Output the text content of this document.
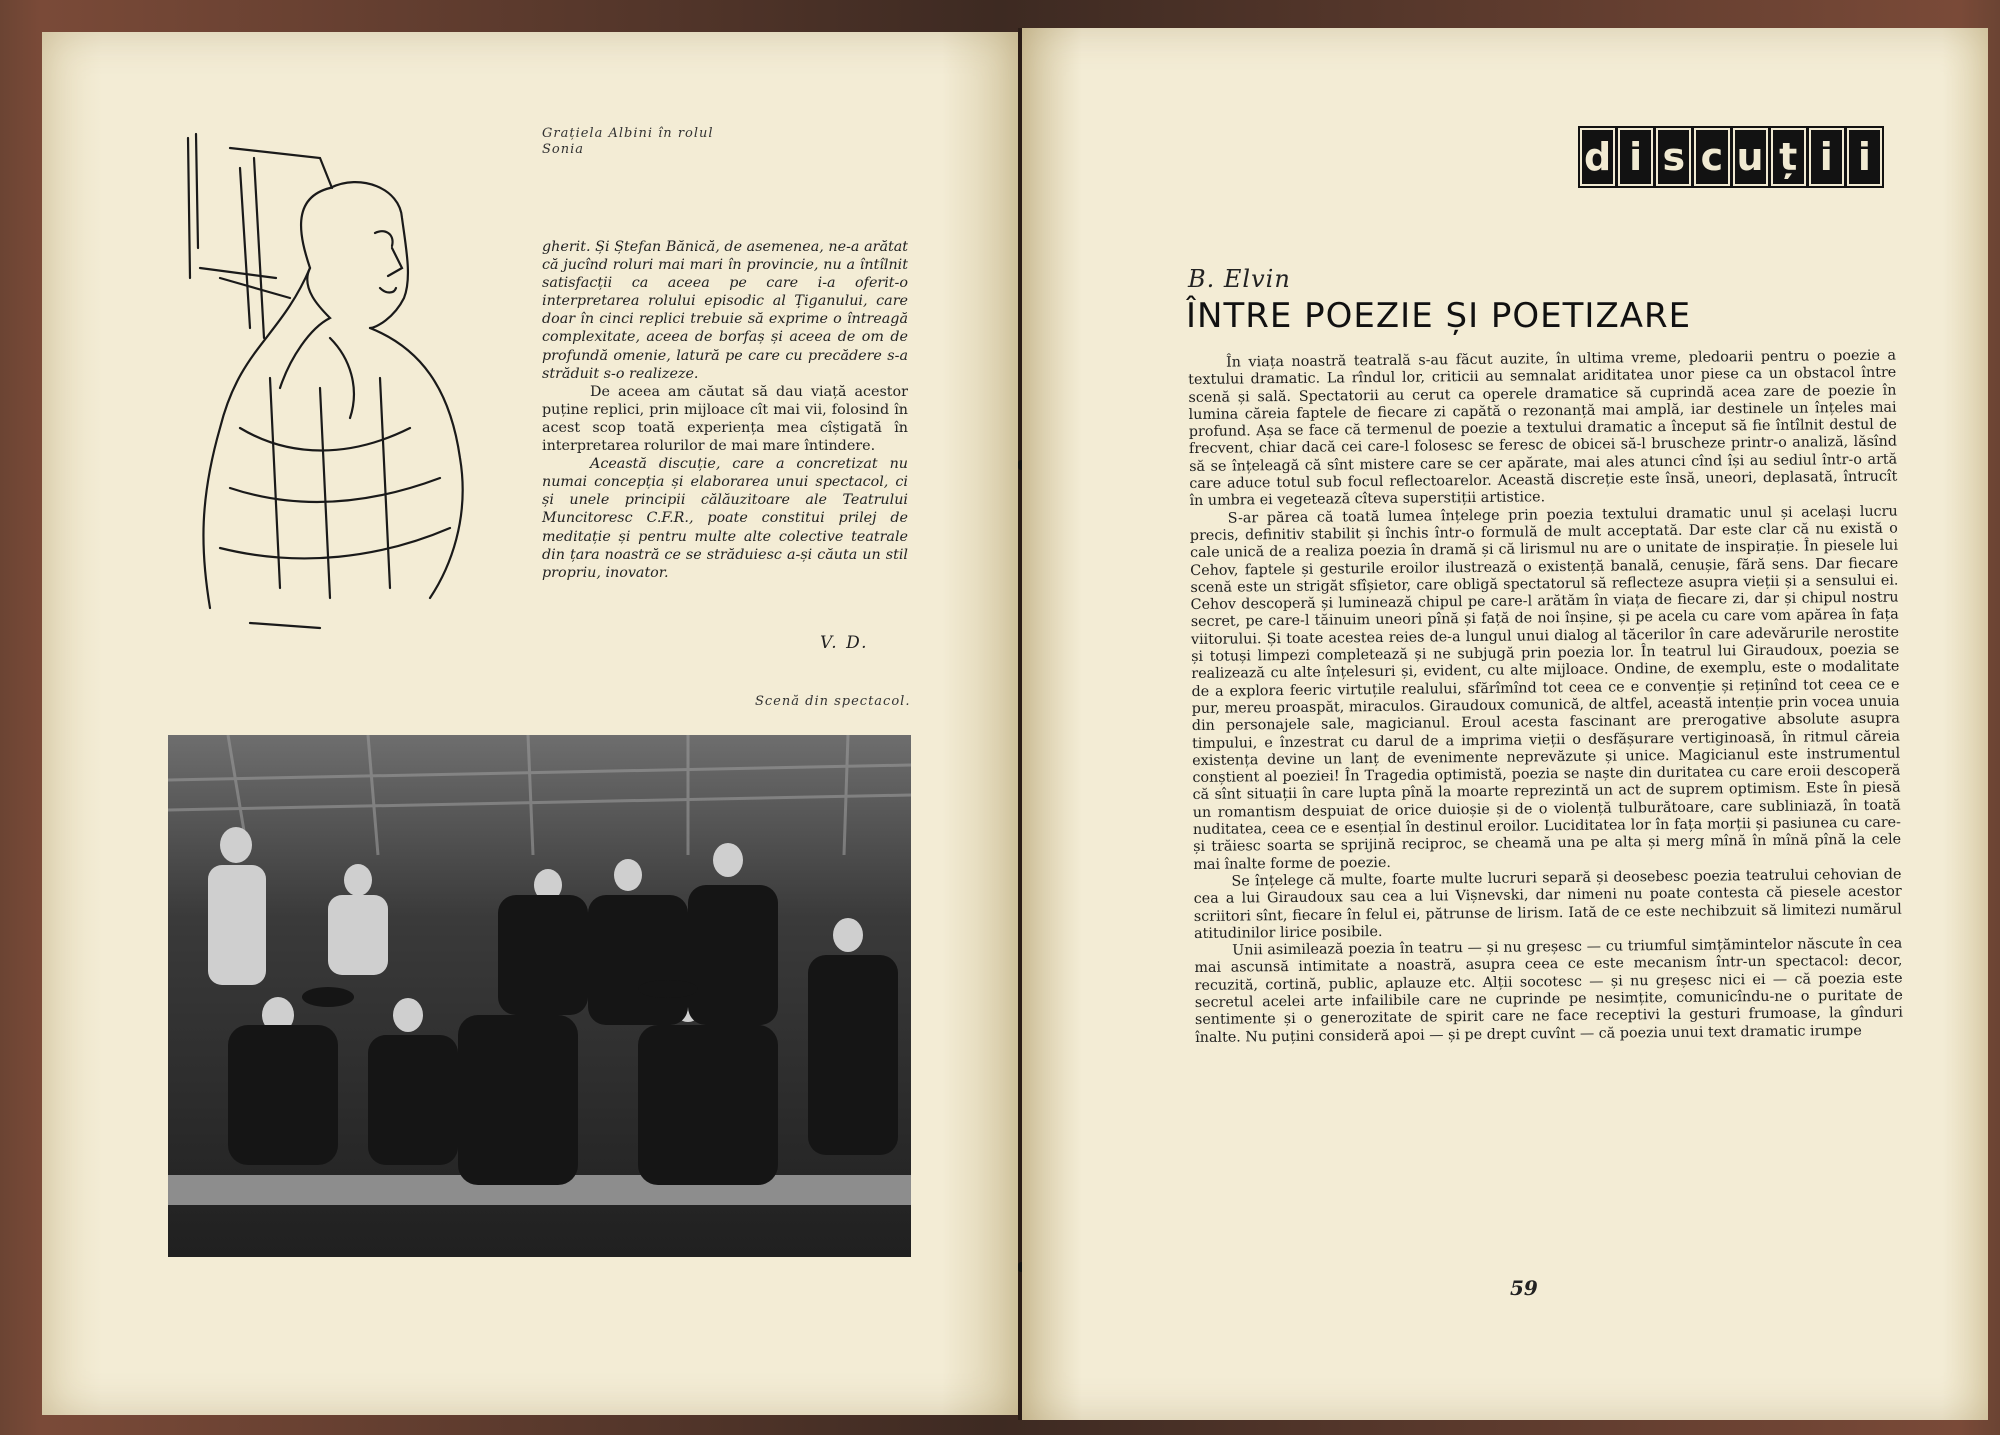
Grațiela Albini în rolul
Sonia

gherit. Și Ștefan Bănică, de asemenea, ne-a arătat că jucînd roluri mai mari în provincie, nu a întîlnit satisfacții ca aceea pe care i-a oferit-o interpretarea rolului episodic al Țiganului, care doar în cinci replici trebuie să exprime o întreagă complexitate, aceea de borfaș și aceea de om de profundă omenie, latură pe care cu precădere s-a străduit s-o realizeze.

De aceea am căutat să dau viață acestor puține replici, prin mijloace cît mai vii, folosind în acest scop toată experiența mea cîștigată în interpretarea rolurilor de mai mare întindere.

Această discuție, care a concretizat nu numai concepția și elaborarea unui spectacol, ci și unele principii călăuzitoare ale Teatrului Muncitoresc C.F.R., poate constitui prilej de meditație și pentru multe alte colective teatrale din țara noastră ce se străduiesc a-și căuta un stil propriu, inovator.

V. D.
Scenă din spectacol.
d i s c u ț i i
B. Elvin
ÎNTRE POEZIE ȘI POETIZARE

În viața noastră teatrală s-au făcut auzite, în ultima vreme, pledoarii pentru o poezie a textului dramatic. La rîndul lor, criticii au semnalat ariditatea unor piese ca un obstacol între scenă și sală. Spectatorii au cerut ca operele dramatice să cuprindă acea zare de poezie în lumina căreia faptele de fiecare zi capătă o rezonanță mai amplă, iar destinele un înțeles mai profund. Așa se face că termenul de poezie a textului dramatic a început să fie întîlnit destul de frecvent, chiar dacă cei care-l folosesc se feresc de obicei să-l bruscheze printr-o analiză, lăsînd să se înțeleagă că sînt mistere care se cer apărate, mai ales atunci cînd își au sediul într-o artă care aduce totul sub focul reflectoarelor. Această discreție este însă, uneori, deplasată, întrucît în umbra ei vegetează cîteva superstiții artistice.

S-ar părea că toată lumea înțelege prin poezia textului dramatic unul și același lucru precis, definitiv stabilit și închis într-o formulă de mult acceptată. Dar este clar că nu există o cale unică de a realiza poezia în dramă și că lirismul nu are o unitate de inspirație. În piesele lui Cehov, faptele și gesturile eroilor ilustrează o existență banală, cenușie, fără sens. Dar fiecare scenă este un strigăt sfîșietor, care obligă spectatorul să reflecteze asupra vieții și a sensului ei. Cehov descoperă și luminează chipul pe care-l arătăm în viața de fiecare zi, dar și chipul nostru secret, pe care-l tăinuim uneori pînă și față de noi înșine, și pe acela cu care vom apărea în fața viitorului. Și toate acestea reies de-a lungul unui dialog al tăcerilor în care adevărurile nerostite și totuși limpezi completează și ne subjugă prin poezia lor. În teatrul lui Giraudoux, poezia se realizează cu alte înțelesuri și, evident, cu alte mijloace. Ondine, de exemplu, este o modalitate de a explora feeric virtuțile realului, sfărîmînd tot ceea ce e convenție și reținînd tot ceea ce e pur, mereu proaspăt, miraculos. Giraudoux comunică, de altfel, această intenție prin vocea unuia din personajele sale, magicianul. Eroul acesta fascinant are prerogative absolute asupra timpului, e înzestrat cu darul de a imprima vieții o desfășurare vertiginoasă, în ritmul căreia existența devine un lanț de evenimente neprevăzute și unice. Magicianul este instrumentul conștient al poeziei! În Tragedia optimistă, poezia se naște din duritatea cu care eroii descoperă că sînt situații în care lupta pînă la moarte reprezintă un act de suprem optimism. Este în piesă un romantism despuiat de orice duioșie și de o violență tulburătoare, care subliniază, în toată nuditatea, ceea ce e esențial în destinul eroilor. Luciditatea lor în fața morții și pasiunea cu care-și trăiesc soarta se sprijină reciproc, se cheamă una pe alta și merg mînă în mînă pînă la cele mai înalte forme de poezie.

Se înțelege că multe, foarte multe lucruri separă și deosebesc poezia teatrului cehovian de cea a lui Giraudoux sau cea a lui Vișnevski, dar nimeni nu poate contesta că piesele acestor scriitori sînt, fiecare în felul ei, pătrunse de lirism. Iată de ce este nechibzuit să limitezi numărul atitudinilor lirice posibile.

Unii asimilează poezia în teatru — și nu greșesc — cu triumful simțămintelor născute în cea mai ascunsă intimitate a noastră, asupra ceea ce este mecanism într-un spectacol: decor, recuzită, cortină, public, aplauze etc. Alții socotesc — și nu greșesc nici ei — că poezia este secretul acelei arte infailibile care ne cuprinde pe nesimțite, comunicîndu-ne o puritate de sentimente și o generozitate de spirit care ne face receptivi la gesturi frumoase, la gînduri înalte. Nu puțini consideră apoi — și pe drept cuvînt — că poezia unui text dramatic irumpe

59
